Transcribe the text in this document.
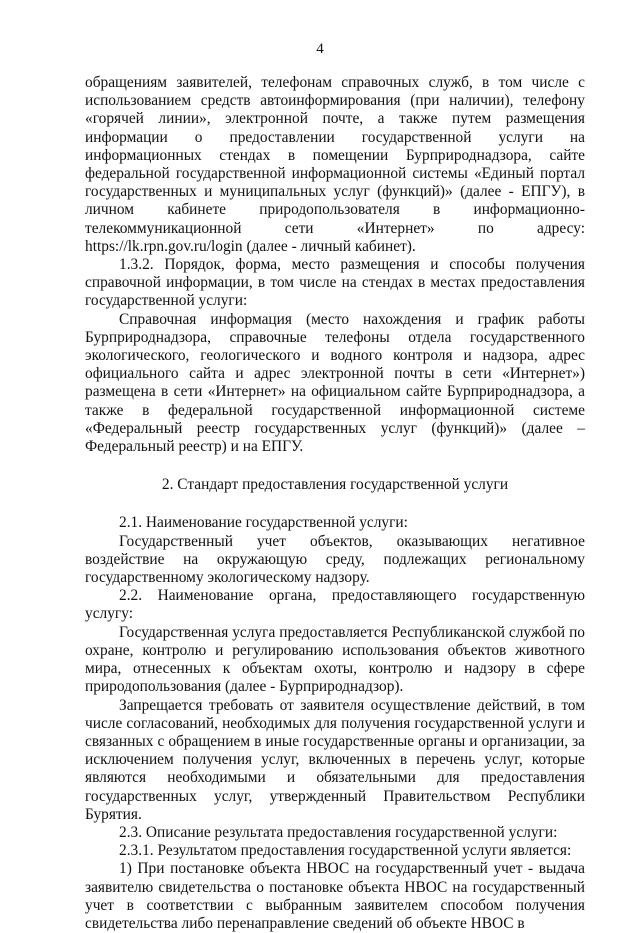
4

обращениям заявителей, телефонам справочных служб, в том числе с использованием средств автоинформирования (при наличии), телефону «горячей линии», электронной почте, а также путем размещения информации о предоставлении государственной услуги на информационных стендах в помещении Бурприроднадзора, сайте федеральной государственной информационной системы «Единый портал государственных и муниципальных услуг (функций)» (далее - ЕПГУ), в личном кабинете природопользователя в информационно-телекоммуникационной сети «Интернет» по адресу: https://lk.rpn.gov.ru/login (далее - личный кабинет).

1.3.2. Порядок, форма, место размещения и способы получения справочной информации, в том числе на стендах в местах предоставления государственной услуги:

Справочная информация (место нахождения и график работы Бурприроднадзора, справочные телефоны отдела государственного экологического, геологического и водного контроля и надзора, адрес официального сайта и адрес электронной почты в сети «Интернет») размещена в сети «Интернет» на официальном сайте Бурприроднадзора, а также в федеральной государственной информационной системе «Федеральный реестр государственных услуг (функций)» (далее – Федеральный реестр) и на ЕПГУ.

2. Стандарт предоставления государственной услуги

2.1. Наименование государственной услуги:

Государственный учет объектов, оказывающих негативное воздействие на окружающую среду, подлежащих региональному государственному экологическому надзору.

2.2. Наименование органа, предоставляющего государственную услугу:

Государственная услуга предоставляется Республиканской службой по охране, контролю и регулированию использования объектов животного мира, отнесенных к объектам охоты, контролю и надзору в сфере природопользования (далее - Бурприроднадзор).

Запрещается требовать от заявителя осуществление действий, в том числе согласований, необходимых для получения государственной услуги и связанных с обращением в иные государственные органы и организации, за исключением получения услуг, включенных в перечень услуг, которые являются необходимыми и обязательными для предоставления государственных услуг, утвержденный Правительством Республики Бурятия.

2.3. Описание результата предоставления государственной услуги:

2.3.1. Результатом предоставления государственной услуги является:

1) При постановке объекта НВОС на государственный учет - выдача заявителю свидетельства о постановке объекта НВОС на государственный учет в соответствии с выбранным заявителем способом получения свидетельства либо перенаправление сведений об объекте НВОС в
